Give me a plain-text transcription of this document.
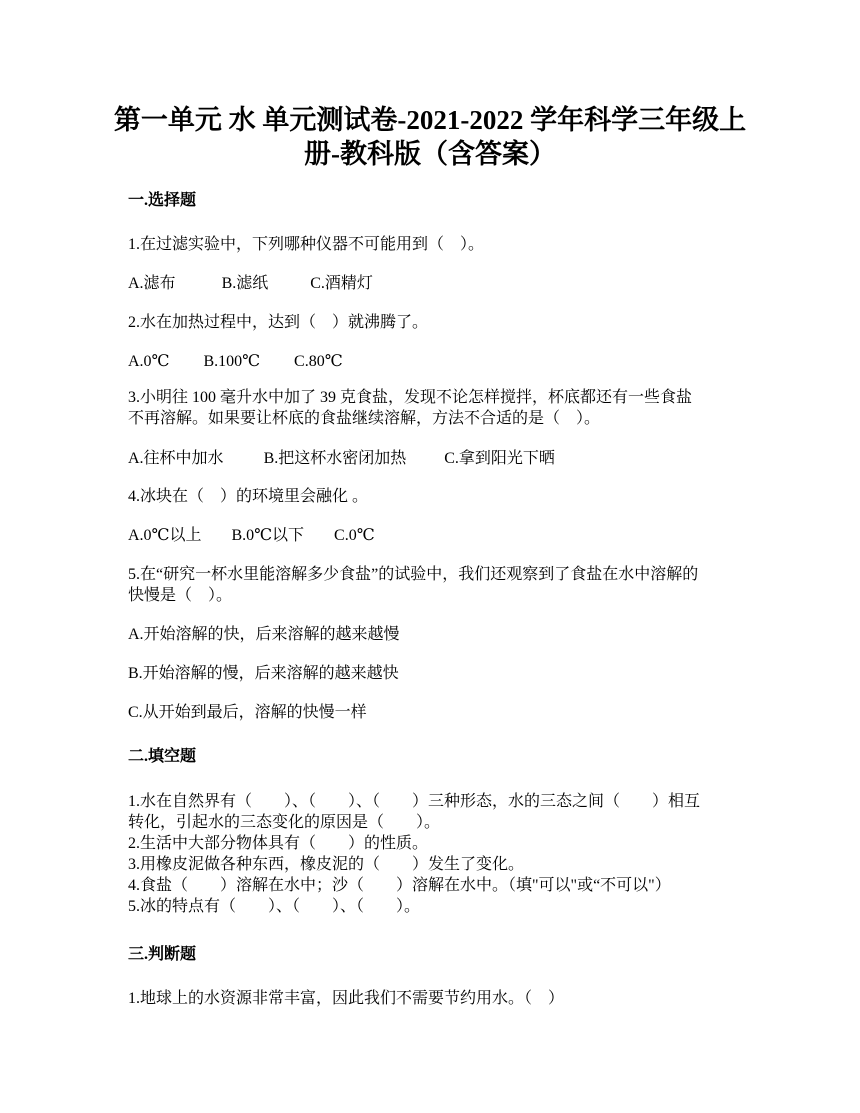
第一单元 水 单元测试卷-2021-2022 学年科学三年级上
册-教科版（含答案）
一.选择题
1.在过滤实验中，下列哪种仪器不可能用到（　）。
A.滤布	B.滤纸	C.酒精灯
2.水在加热过程中，达到（　）就沸腾了。
A.0℃ B.100℃ C.80℃
3.小明往 100 毫升水中加了 39 克食盐，发现不论怎样搅拌，杯底都还有一些食盐
不再溶解。如果要让杯底的食盐继续溶解，方法不合适的是（　）。
A.往杯中加水	B.把这杯水密闭加热 C.拿到阳光下晒
4.冰块在（　）的环境里会融化 。
A.0℃以上 B.0℃以下 C.0℃
5.在“研究一杯水里能溶解多少食盐”的试验中，我们还观察到了食盐在水中溶解的
快慢是（　）。
A.开始溶解的快，后来溶解的越来越慢
B.开始溶解的慢，后来溶解的越来越快
C.从开始到最后，溶解的快慢一样
二.填空题
1.水在自然界有（　　）、（　　）、（　　）三种形态，水的三态之间（　　）相互
转化，引起水的三态变化的原因是（　　）。
2.生活中大部分物体具有（　　）的性质。
3.用橡皮泥做各种东西，橡皮泥的（　　）发生了变化。
4.食盐（　　）溶解在水中；沙（　　）溶解在水中。（填"可以"或“不可以"）
5.冰的特点有（　　）、（　　）、（　　）。
三.判断题
1.地球上的水资源非常丰富，因此我们不需要节约用水。（　）
